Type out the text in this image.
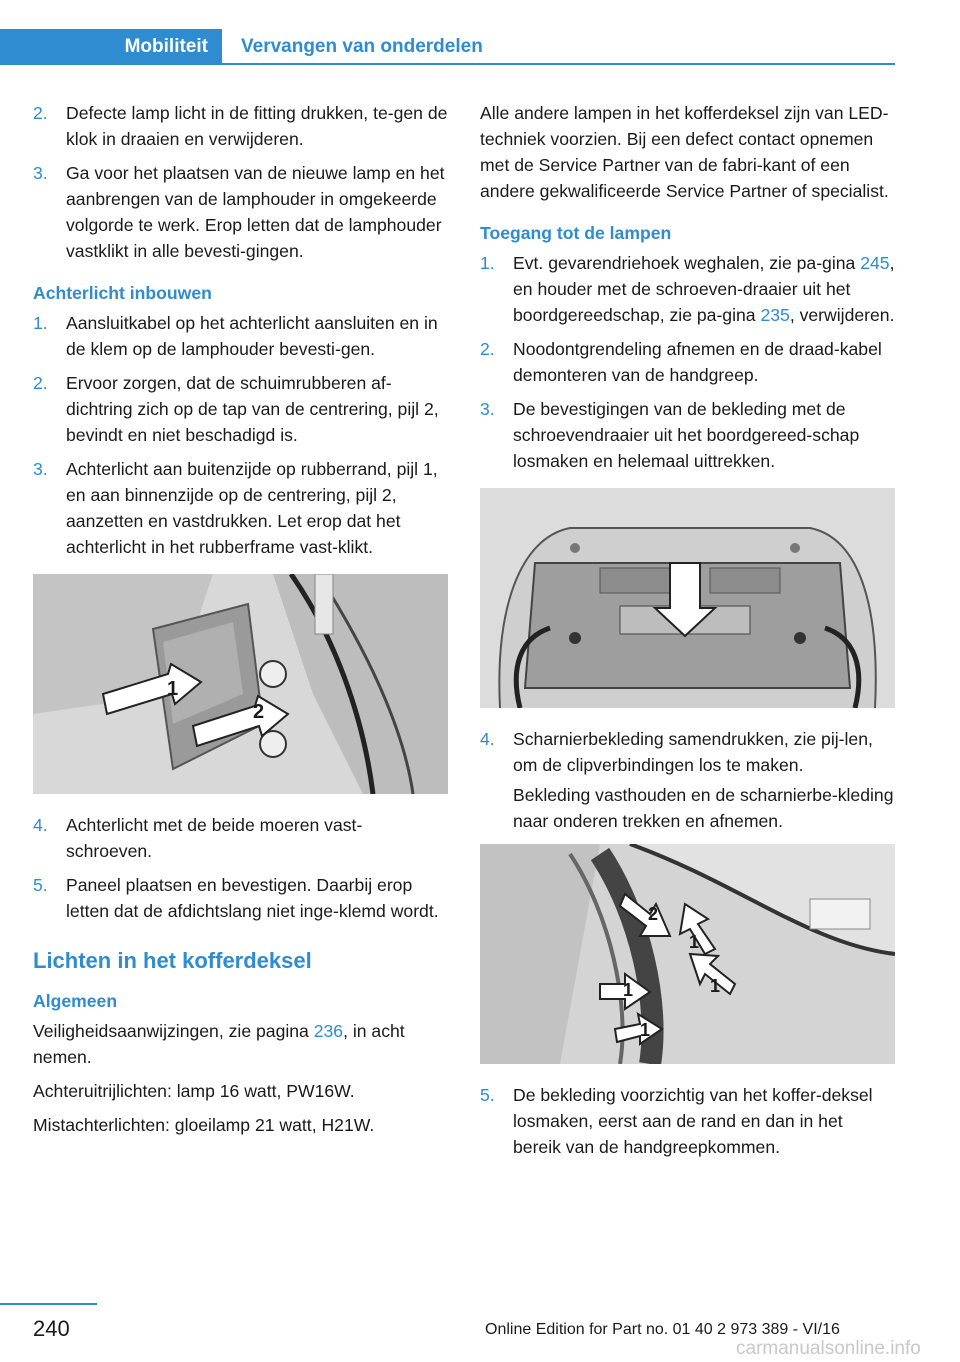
Mobiliteit Vervangen van onderdelen
2.	Defecte lamp licht in de fitting drukken, te-gen de klok in draaien en verwijderen.
3.	Ga voor het plaatsen van de nieuwe lamp en het aanbrengen van de lamphouder in omgekeerde volgorde te werk. Erop letten dat de lamphouder vastklikt in alle bevesti-gingen.
Achterlicht inbouwen
1.	Aansluitkabel op het achterlicht aansluiten en in de klem op de lamphouder bevesti-gen.
2.	Ervoor zorgen, dat de schuimrubberen af-dichtring zich op de tap van de centrering, pijl 2, bevindt en niet beschadigd is.
3.	Achterlicht aan buitenzijde op rubberrand, pijl 1, en aan binnenzijde op de centrering, pijl 2, aanzetten en vastdrukken. Let erop dat het achterlicht in het rubberframe vast-klikt.
1
2
4.	Achterlicht met de beide moeren vast-schroeven.
5.	Paneel plaatsen en bevestigen. Daarbij erop letten dat de afdichtslang niet inge-klemd wordt.
Lichten in het kofferdeksel
Algemeen
Veiligheidsaanwijzingen, zie pagina 236, in acht nemen.
Achteruitrijlichten: lamp 16 watt, PW16W.
Mistachterlichten: gloeilamp 21 watt, H21W.
Alle andere lampen in het kofferdeksel zijn van LED-techniek voorzien. Bij een defect contact opnemen met de Service Partner van de fabri-kant of een andere gekwalificeerde Service Partner of specialist.
Toegang tot de lampen
1.	Evt. gevarendriehoek weghalen, zie pa-gina 245, en houder met de schroeven-draaier uit het boordgereedschap, zie pa-gina 235, verwijderen.
2.	Noodontgrendeling afnemen en de draad-kabel demonteren van de handgreep.
3.	De bevestigingen van de bekleding met de schroevendraaier uit het boordgereed-schap losmaken en helemaal uittrekken.
4.	Scharnierbekleding samendrukken, zie pij-len, om de clipverbindingen los te maken.
Bekleding vasthouden en de scharnierbe-kleding naar onderen trekken en afnemen.
2
1
1
1
1
5.	De bekleding voorzichtig van het koffer-deksel losmaken, eerst aan de rand en dan in het bereik van de handgreepkommen.
240	Online Edition for Part no. 01 40 2 973 389 - VI/16
carmanualsonline.info
